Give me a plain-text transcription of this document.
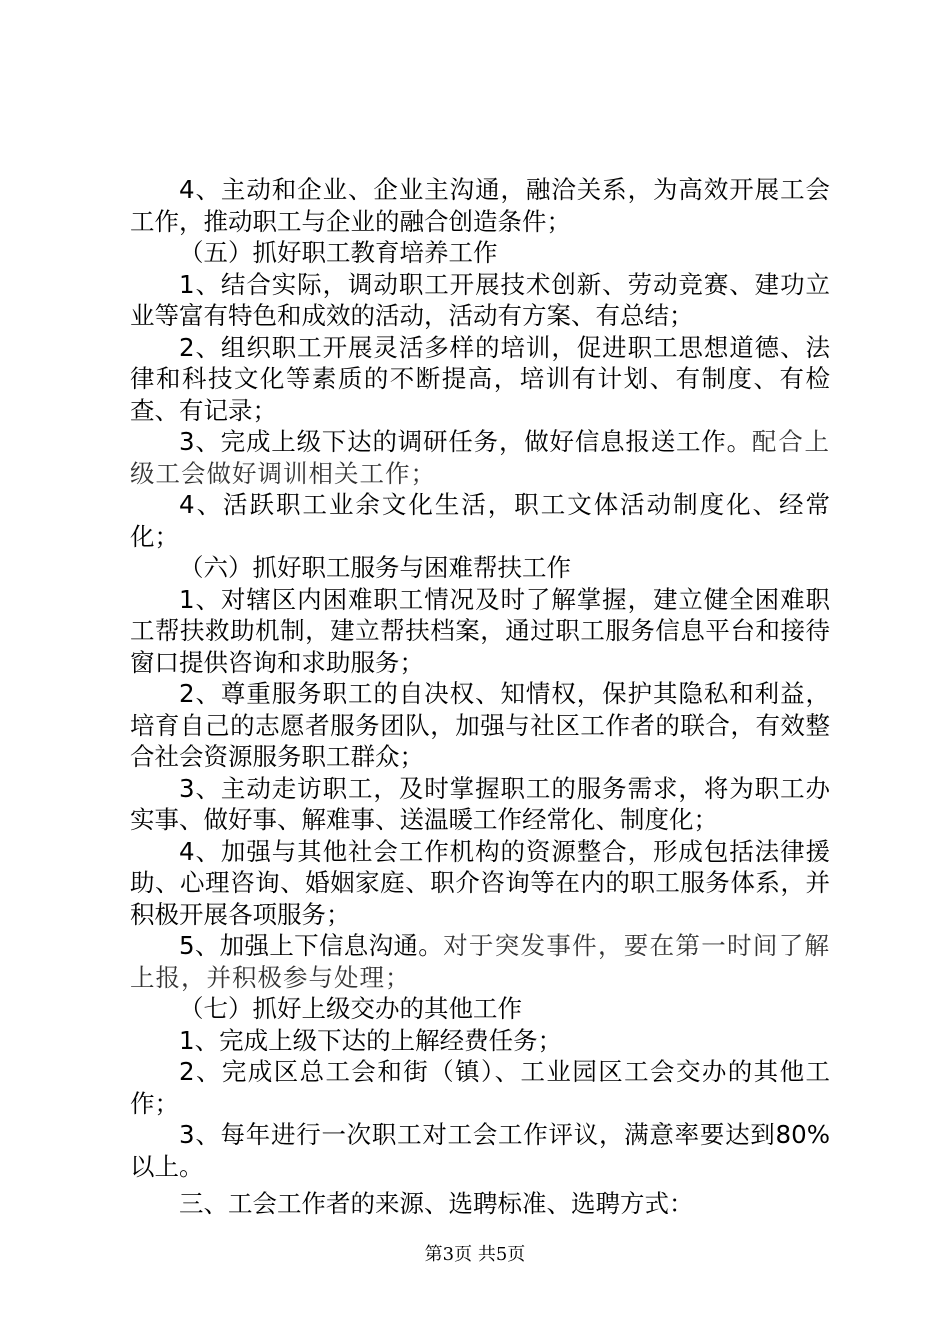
4、主动和企业、企业主沟通，融洽关系，为高效开展工会工作，推动职工与企业的融合创造条件；

（五）抓好职工教育培养工作

1、结合实际，调动职工开展技术创新、劳动竞赛、建功立业等富有特色和成效的活动，活动有方案、有总结；

2、组织职工开展灵活多样的培训，促进职工思想道德、法律和科技文化等素质的不断提高，培训有计划、有制度、有检查、有记录；

3、完成上级下达的调研任务，做好信息报送工作。配合上级工会做好调训相关工作；

4、活跃职工业余文化生活，职工文体活动制度化、经常化；

（六）抓好职工服务与困难帮扶工作

1、对辖区内困难职工情况及时了解掌握，建立健全困难职工帮扶救助机制，建立帮扶档案，通过职工服务信息平台和接待窗口提供咨询和求助服务；

2、尊重服务职工的自决权、知情权，保护其隐私和利益，培育自己的志愿者服务团队，加强与社区工作者的联合，有效整合社会资源服务职工群众；

3、主动走访职工，及时掌握职工的服务需求，将为职工办实事、做好事、解难事、送温暖工作经常化、制度化；

4、加强与其他社会工作机构的资源整合，形成包括法律援助、心理咨询、婚姻家庭、职介咨询等在内的职工服务体系，并积极开展各项服务；

5、加强上下信息沟通。对于突发事件，要在第一时间了解上报，并积极参与处理；

（七）抓好上级交办的其他工作

1、完成上级下达的上解经费任务；

2、完成区总工会和街（镇）、工业园区工会交办的其他工作；

3、每年进行一次职工对工会工作评议，满意率要达到80%以上。

三、工会工作者的来源、选聘标准、选聘方式：

第3页 共5页
